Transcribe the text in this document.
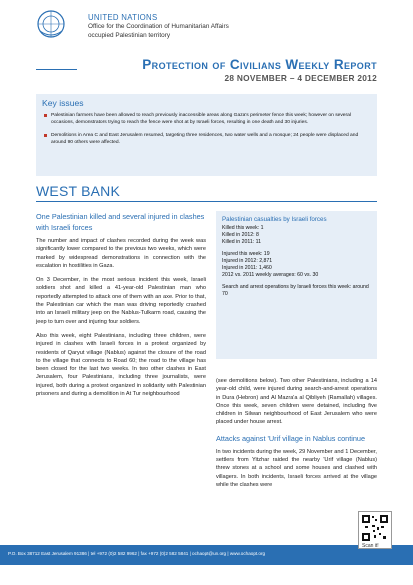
UNITED NATIONS
Office for the Coordination of Humanitarian Affairs
occupied Palestinian territory
Protection of Civilians Weekly Report
28 NOVEMBER – 4 DECEMBER 2012
Key issues
Palestinian farmers have been allowed to reach previously inaccessible areas along Gaza's perimeter fence this week; however on several occasions, demonstrators trying to reach the fence were shot at by Israeli forces, resulting in one death and 30 injuries.
Demolitions in Area C and East Jerusalem resumed, targeting three residences, two water wells and a mosque; 24 people were displaced and around 90 others were affected.
WEST BANK
One Palestinian killed and several injured in clashes with Israeli forces

The number and impact of clashes recorded during the week was significantly lower compared to the previous two weeks, which were marked by widespread demonstrations in connection with the escalation in hostilities in Gaza.

On 3 December, in the most serious incident this week, Israeli soldiers shot and killed a 41-year-old Palestinian man who reportedly attempted to attack one of them with an axe. Prior to that, the Palestinian car which the man was driving reportedly crashed into an Israeli military jeep on the Nablus-Tulkarm road, causing the jeep to turn over and injuring four soldiers.

Also this week, eight Palestinians, including three children, were injured in clashes with Israeli forces in a protest organized by residents of Qaryut village (Nablus) against the closure of the road to the village that connects to Road 60; the road to the village has been closed for the last two weeks. In two other clashes in East Jerusalem, four Palestinians, including three journalists, were injured, both during a protest organized in solidarity with Palestinian prisoners and during a demolition in At Tur neighbourhood

Palestinian casualties by Israeli forces
Killed this week: 1
Killed in 2012: 8
Killed in 2011: 11
Injured this week: 19
Injured in 2012: 2,871
Injured in 2011: 1,460
2012 vs. 2011 weekly averages: 60 vs. 30
Search and arrest operations by Israeli forces this week: around 70

(see demolitions below). Two other Palestinians, including a 14 year-old child, were injured during search-and-arrest operations in Dura (Hebron) and Al Mazra'a al Qibliyeh (Ramallah) villages. Once this week, seven children were detained, including five children in Silwan neighbourhood of East Jerusalem who were placed under house arrest.

Attacks against 'Urif village in Nablus continue

In two incidents during the week, 29 November and 1 December, settlers from Yitzhar raided the nearby 'Urif village (Nablus) threw stones at a school and some houses and clashed with villagers. In both incidents, Israeli forces arrived at the village while the clashes were

P.O. Box 38712 East Jerusalem 91386 | tel +972 (0)2 582 9962 | fax +972 (0)2 582 5841 | ochaopt@un.org | www.ochaopt.org
Scan it!
